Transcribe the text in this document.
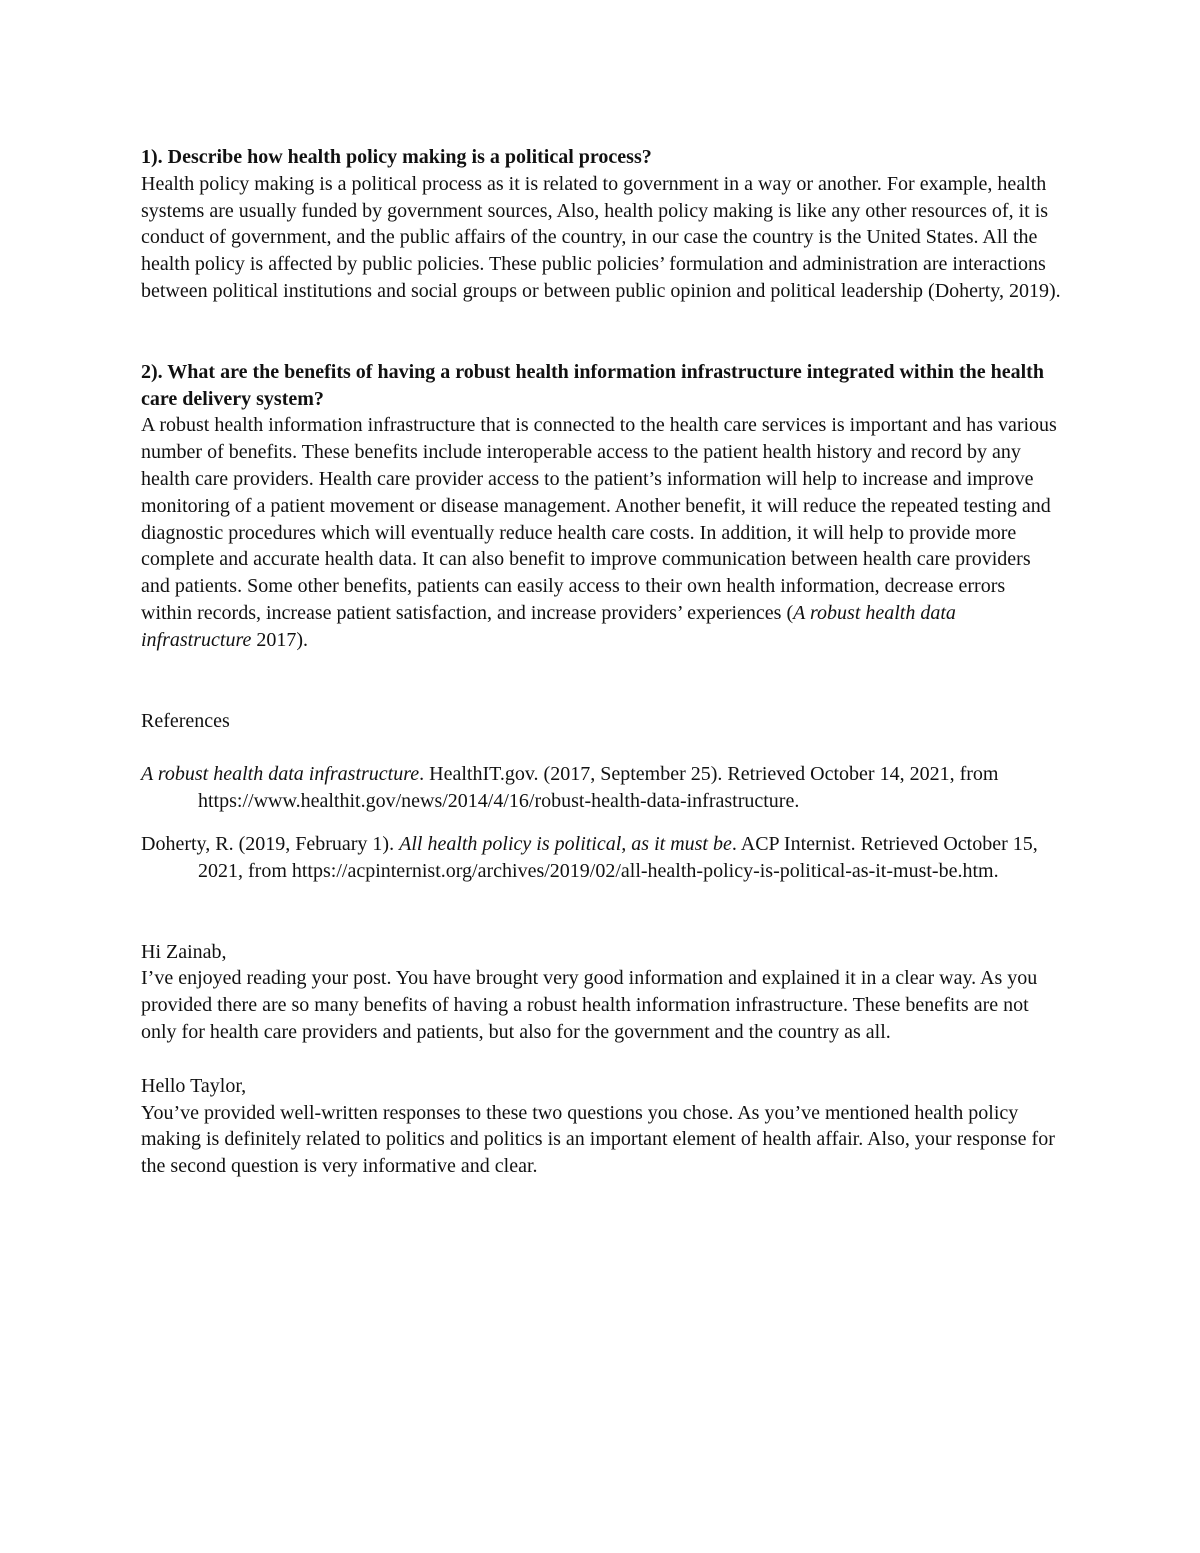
1). Describe how health policy making is a political process?

Health policy making is a political process as it is related to government in a way or another. For example, health systems are usually funded by government sources, Also, health policy making is like any other resources of, it is conduct of government, and the public affairs of the country, in our case the country is the United States. All the health policy is affected by public policies. These public policies’ formulation and administration are interactions between political institutions and social groups or between public opinion and political leadership (Doherty, 2019).

2). What are the benefits of having a robust health information infrastructure integrated within the health care delivery system?

A robust health information infrastructure that is connected to the health care services is important and has various number of benefits. These benefits include interoperable access to the patient health history and record by any health care providers. Health care provider access to the patient’s information will help to increase and improve monitoring of a patient movement or disease management. Another benefit, it will reduce the repeated testing and diagnostic procedures which will eventually reduce health care costs. In addition, it will help to provide more complete and accurate health data. It can also benefit to improve communication between health care providers and patients. Some other benefits, patients can easily access to their own health information, decrease errors within records, increase patient satisfaction, and increase providers’ experiences (A robust health data infrastructure 2017).

References

A robust health data infrastructure. HealthIT.gov. (2017, September 25). Retrieved October 14, 2021, from https://www.healthit.gov/news/2014/4/16/robust-health-data-infrastructure.

Doherty, R. (2019, February 1). All health policy is political, as it must be. ACP Internist. Retrieved October 15, 2021, from https://acpinternist.org/archives/2019/02/all-health-policy-is-political-as-it-must-be.htm.

Hi Zainab,

I’ve enjoyed reading your post. You have brought very good information and explained it in a clear way. As you provided there are so many benefits of having a robust health information infrastructure. These benefits are not only for health care providers and patients, but also for the government and the country as all.

Hello Taylor,

You’ve provided well-written responses to these two questions you chose. As you’ve mentioned health policy making is definitely related to politics and politics is an important element of health affair. Also, your response for the second question is very informative and clear.
